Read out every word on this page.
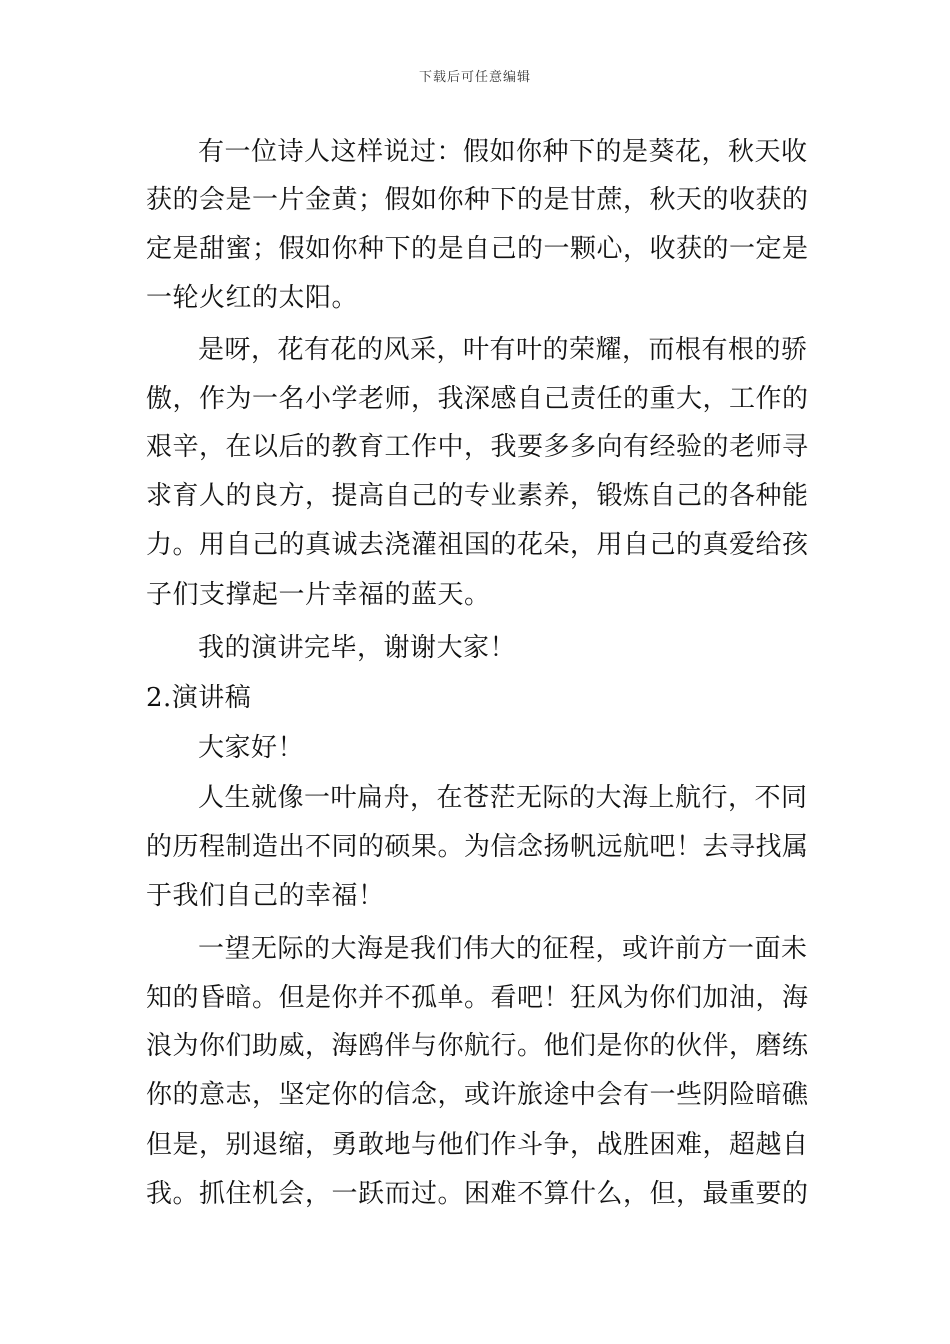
下载后可任意编辑
有一位诗人这样说过：假如你种下的是葵花，秋天收
获的会是一片金黄；假如你种下的是甘蔗，秋天的收获的
定是甜蜜；假如你种下的是自己的一颗心，收获的一定是
一轮火红的太阳。
是呀，花有花的风采，叶有叶的荣耀，而根有根的骄
傲，作为一名小学老师，我深感自己责任的重大，工作的
艰辛，在以后的教育工作中，我要多多向有经验的老师寻
求育人的良方，提高自己的专业素养，锻炼自己的各种能
力。用自己的真诚去浇灌祖国的花朵，用自己的真爱给孩
子们支撑起一片幸福的蓝天。
我的演讲完毕，谢谢大家！
2.演讲稿
大家好！
人生就像一叶扁舟，在苍茫无际的大海上航行，不同
的历程制造出不同的硕果。为信念扬帆远航吧！去寻找属
于我们自己的幸福！
一望无际的大海是我们伟大的征程，或许前方一面未
知的昏暗。但是你并不孤单。看吧！狂风为你们加油，海
浪为你们助威，海鸥伴与你航行。他们是你的伙伴，磨练
你的意志，坚定你的信念，或许旅途中会有一些阴险暗礁
但是，别退缩，勇敢地与他们作斗争，战胜困难，超越自
我。抓住机会，一跃而过。困难不算什么，但，最重要的
